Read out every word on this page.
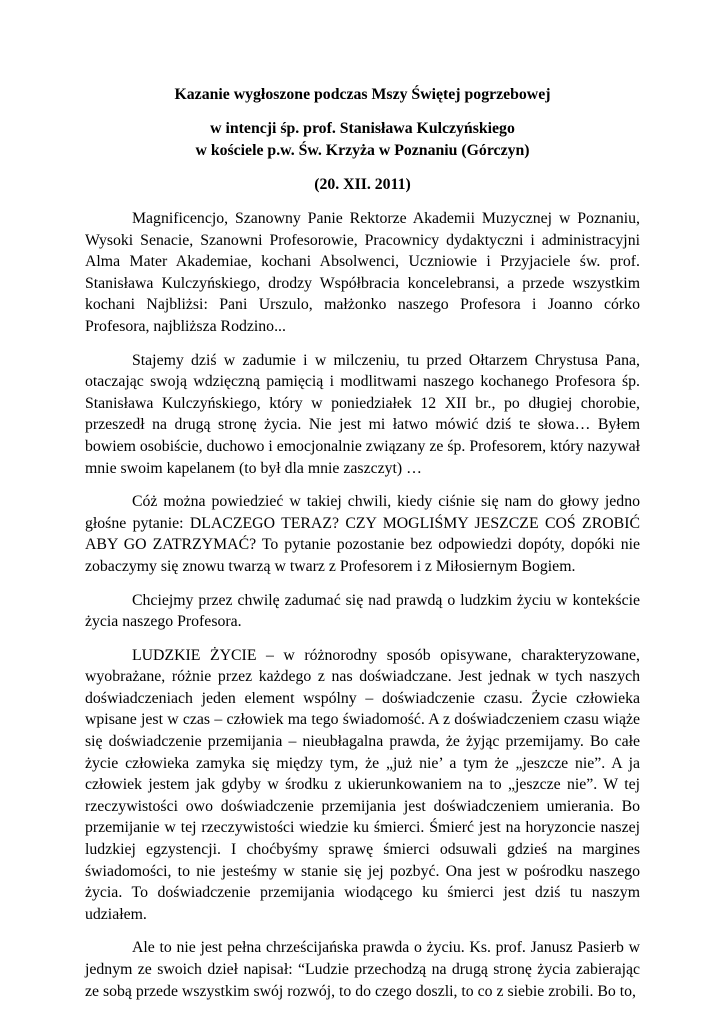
Kazanie wygłoszone podczas Mszy Świętej pogrzebowej

w intencji śp. prof. Stanisława Kulczyńskiego

w kościele p.w. Św. Krzyża w Poznaniu (Górczyn)

(20. XII. 2011)

Magnificencjo, Szanowny Panie Rektorze Akademii Muzycznej w Poznaniu, Wysoki Senacie, Szanowni Profesorowie, Pracownicy dydaktyczni i administracyjni Alma Mater Akademiae, kochani Absolwenci, Uczniowie i Przyjaciele św. prof. Stanisława Kulczyńskiego, drodzy Współbracia koncelebransi, a przede wszystkim kochani Najbliżsi: Pani Urszulo, małżonko naszego Profesora i Joanno córko Profesora, najbliższa Rodzino...

Stajemy dziś w zadumie i w milczeniu, tu przed Ołtarzem Chrystusa Pana, otaczając swoją wdzięczną pamięcią i modlitwami naszego kochanego Profesora śp. Stanisława Kulczyńskiego, który w poniedziałek 12 XII br., po długiej chorobie, przeszedł na drugą stronę życia. Nie jest mi łatwo mówić dziś te słowa… Byłem bowiem osobiście, duchowo i emocjonalnie związany ze śp. Profesorem, który nazywał mnie swoim kapelanem (to był dla mnie zaszczyt) …

Cóż można powiedzieć w takiej chwili, kiedy ciśnie się nam do głowy jedno głośne pytanie: DLACZEGO TERAZ? CZY MOGLIŚMY JESZCZE COŚ ZROBIĆ ABY GO ZATRZYMAĆ? To pytanie pozostanie bez odpowiedzi dopóty, dopóki nie zobaczymy się znowu twarzą w twarz z Profesorem i z Miłosiernym Bogiem.

Chciejmy przez chwilę zadumać się nad prawdą o ludzkim życiu w kontekście życia naszego Profesora.

LUDZKIE ŻYCIE – w różnorodny sposób opisywane, charakteryzowane, wyobrażane, różnie przez każdego z nas doświadczane. Jest jednak w tych naszych doświadczeniach jeden element wspólny – doświadczenie czasu. Życie człowieka wpisane jest w czas – człowiek ma tego świadomość. A z doświadczeniem czasu wiąże się doświadczenie przemijania – nieubłagalna prawda, że żyjąc przemijamy. Bo całe życie człowieka zamyka się między tym, że „już nie’ a tym że „jeszcze nie”. A ja człowiek jestem jak gdyby w środku z ukierunkowaniem na to „jeszcze nie”. W tej rzeczywistości owo doświadczenie przemijania jest doświadczeniem umierania. Bo przemijanie w tej rzeczywistości wiedzie ku śmierci. Śmierć jest na horyzoncie naszej ludzkiej egzystencji. I choćbyśmy sprawę śmierci odsuwali gdzieś na margines świadomości, to nie jesteśmy w stanie się jej pozbyć. Ona jest w pośrodku naszego życia. To doświadczenie przemijania wiodącego ku śmierci jest dziś tu naszym udziałem.

Ale to nie jest pełna chrześcijańska prawda o życiu. Ks. prof. Janusz Pasierb w jednym ze swoich dzieł napisał: “Ludzie przechodzą na drugą stronę życia zabierając ze sobą przede wszystkim swój rozwój, to do czego doszli, to co z siebie zrobili. Bo to,
